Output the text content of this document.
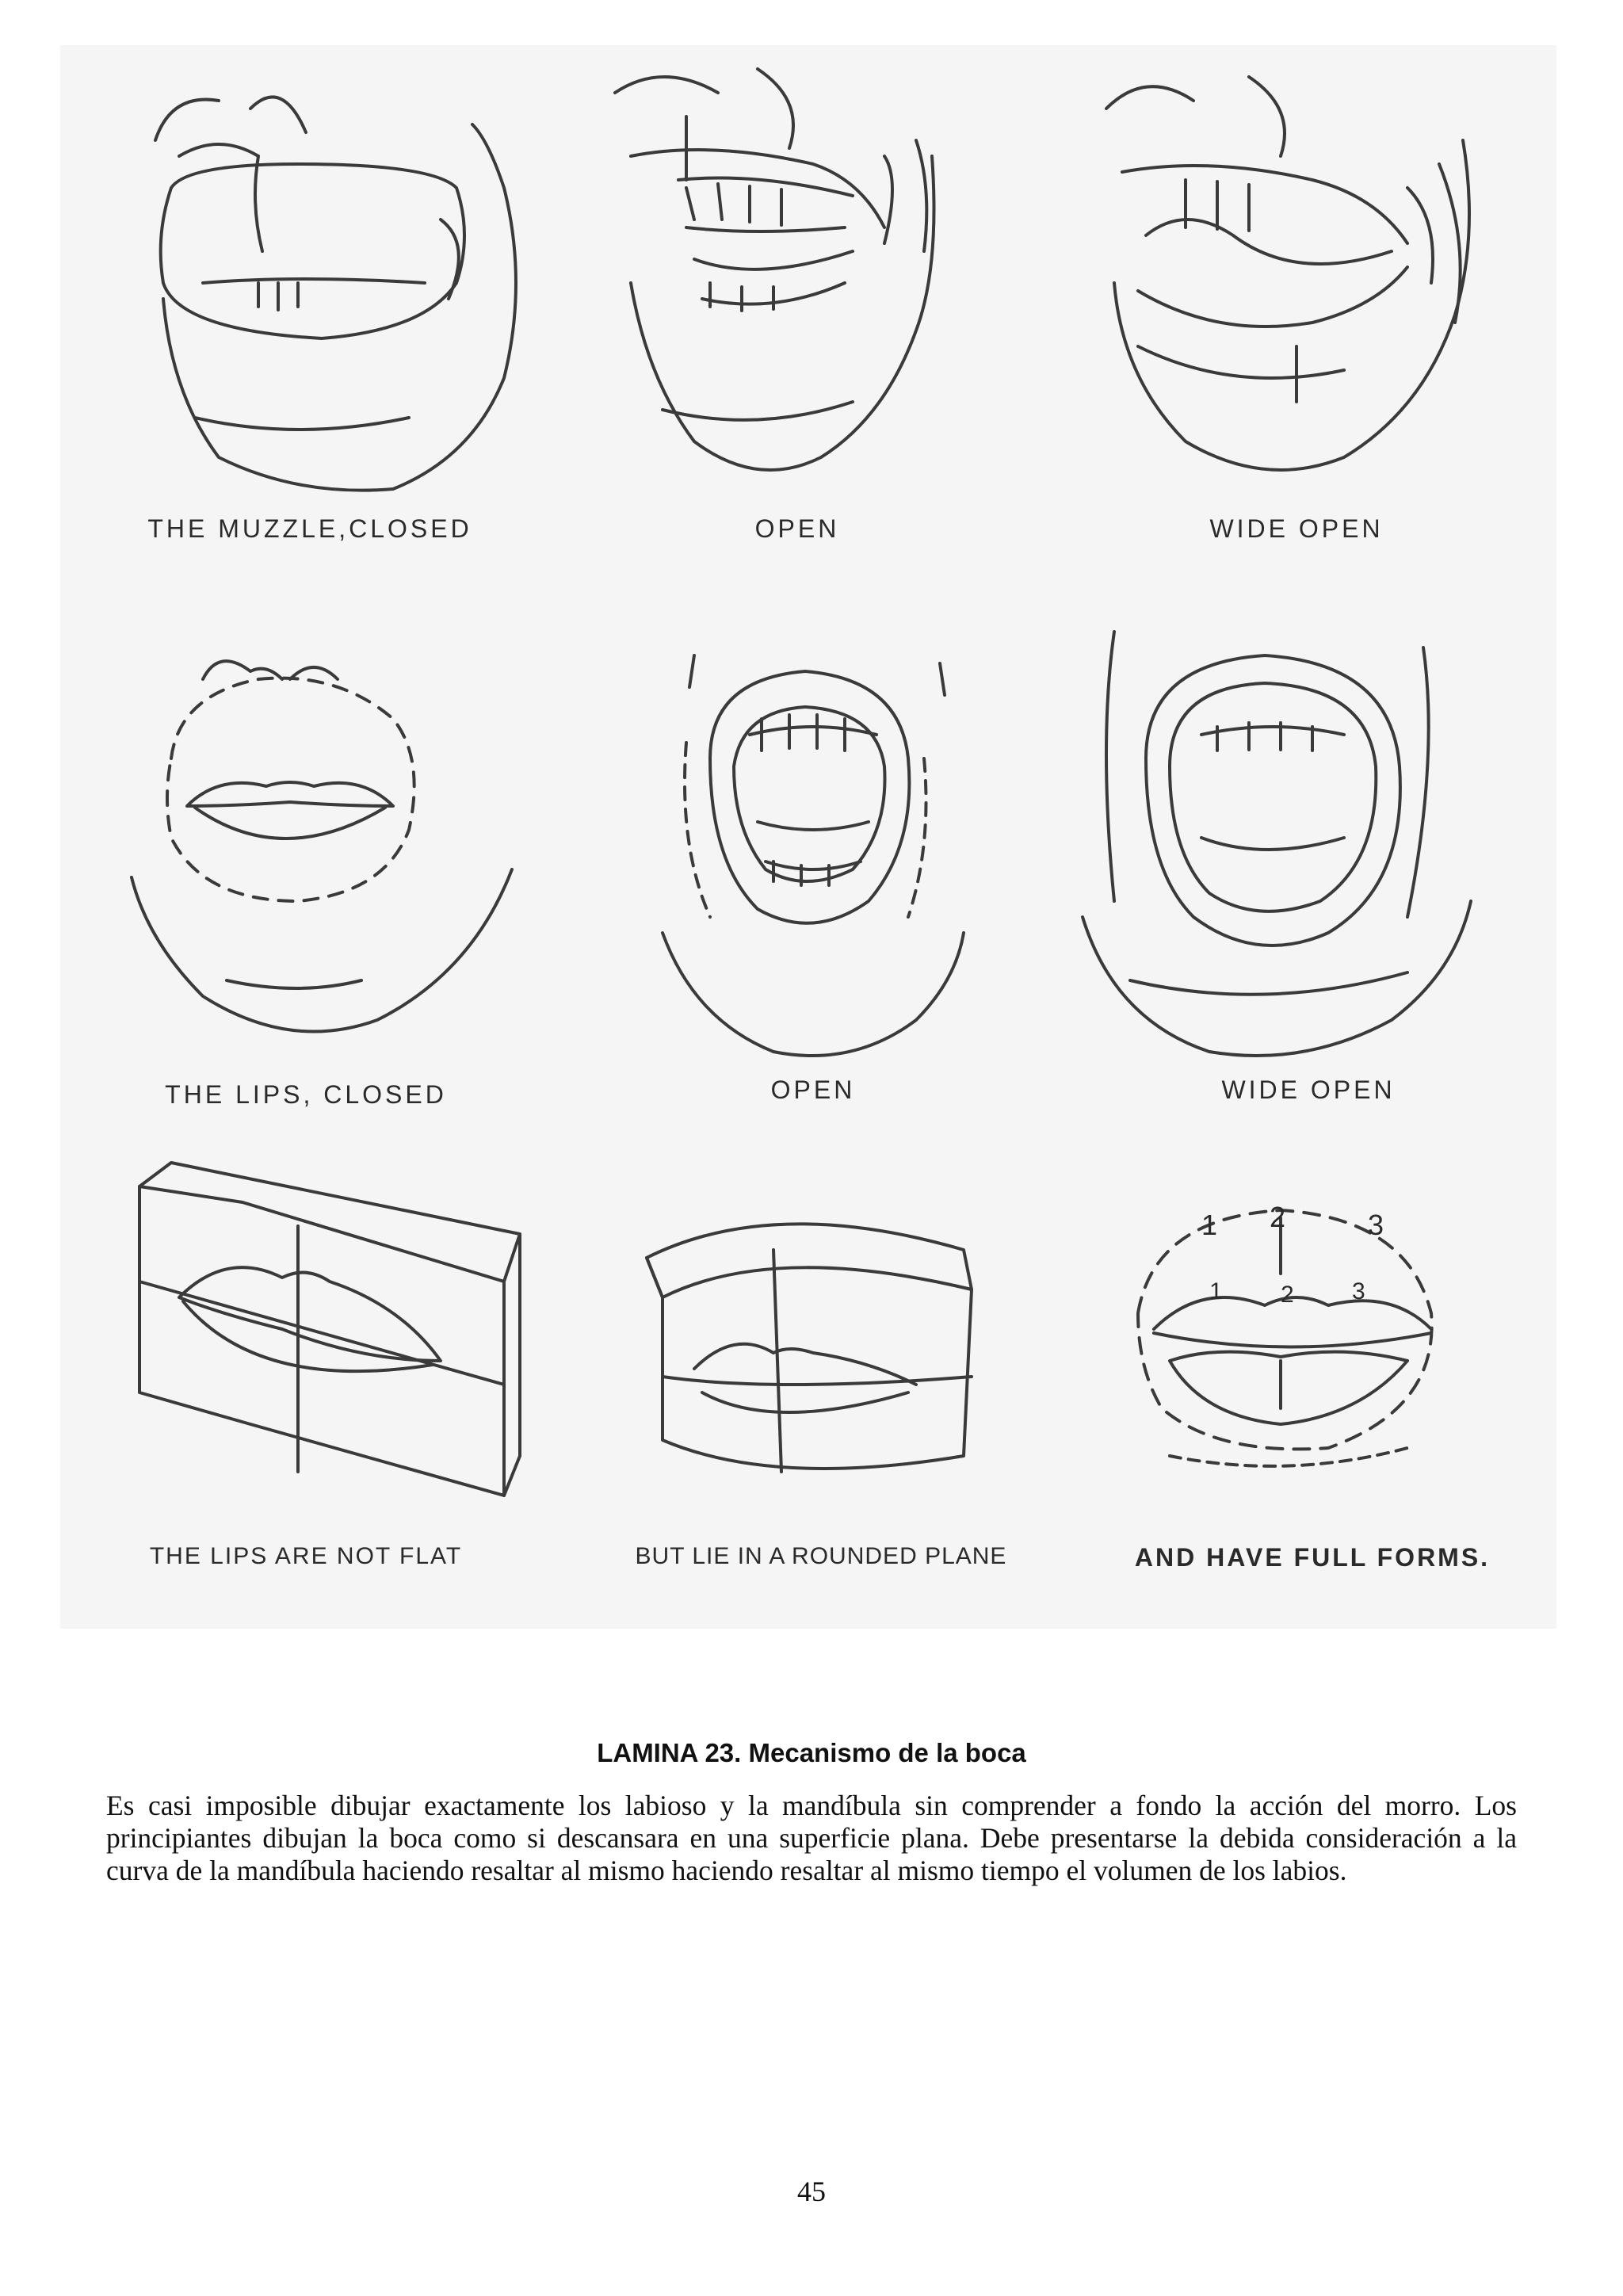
1 2	3
1 2 3
THE MUZZLE,CLOSED	OPEN	WIDE OPEN
THE LIPS, CLOSED	OPEN	WIDE OPEN
THE LIPS ARE NOT FLAT	BUT LIE IN A ROUNDED PLANE	AND HAVE FULL FORMS.
LAMINA 23. Mecanismo de la boca

Es casi imposible dibujar exactamente los labioso y la mandíbula sin comprender a fondo la acción del morro. Los principiantes dibujan la boca como si descansara en una superficie plana. Debe presentarse la debida consideración a la curva de la mandíbula haciendo resaltar al mismo haciendo resaltar al mismo tiempo el volumen de los labios.

45
